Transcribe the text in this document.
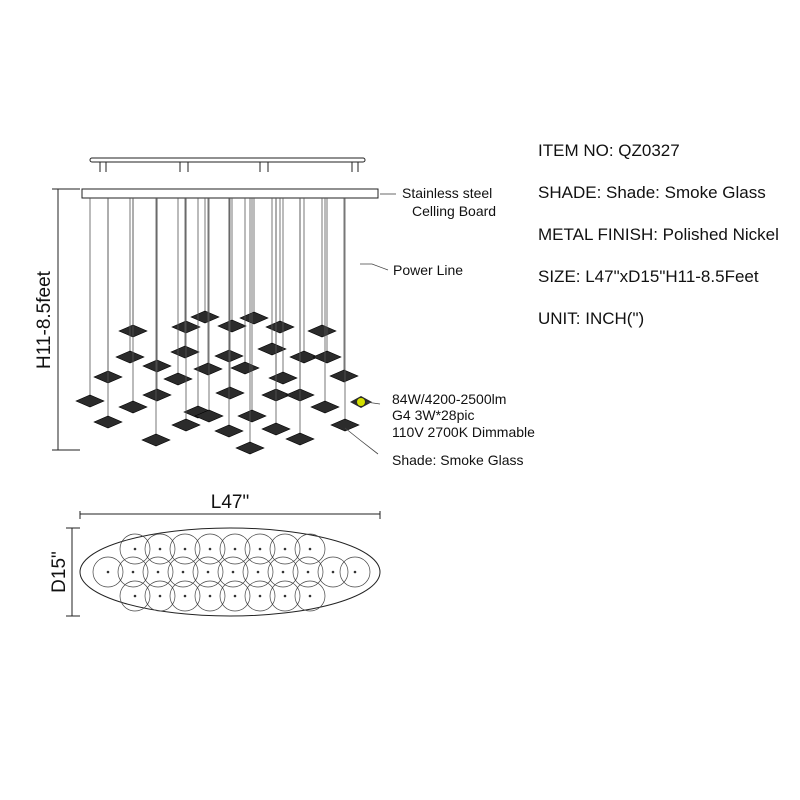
H11-8.5feet
L47"
D15"
Stainless steel
Celling Board
Power Line
84W/4200-2500lm
G4 3W*28pic
110V 2700K Dimmable
Shade: Smoke Glass
ITEM NO: QZ0327
SHADE: Shade: Smoke Glass
METAL FINISH: Polished Nickel
SIZE: L47"xD15"H11-8.5Feet
UNIT: INCH(")
